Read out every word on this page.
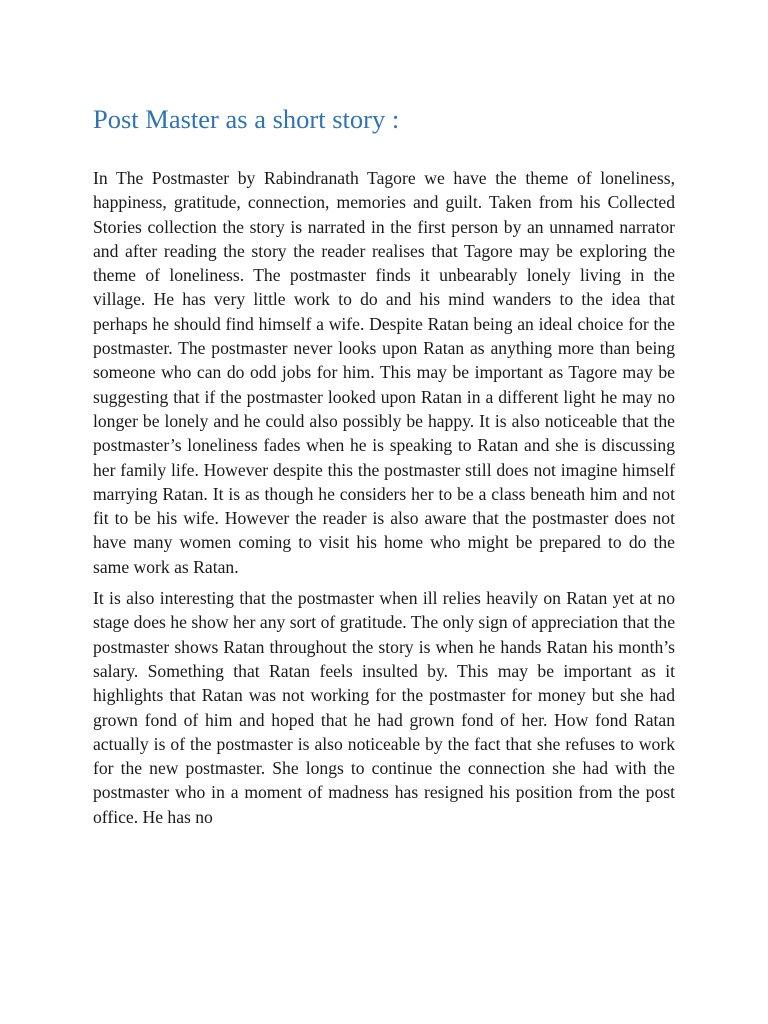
Post Master as a short story :

In The Postmaster by Rabindranath Tagore we have the theme of loneliness, happiness, gratitude, connection, memories and guilt. Taken from his Collected Stories collection the story is narrated in the first person by an unnamed narrator and after reading the story the reader realises that Tagore may be exploring the theme of loneliness. The postmaster finds it unbearably lonely living in the village. He has very little work to do and his mind wanders to the idea that perhaps he should find himself a wife. Despite Ratan being an ideal choice for the postmaster. The postmaster never looks upon Ratan as anything more than being someone who can do odd jobs for him. This may be important as Tagore may be suggesting that if the postmaster looked upon Ratan in a different light he may no longer be lonely and he could also possibly be happy. It is also noticeable that the postmaster’s loneliness fades when he is speaking to Ratan and she is discussing her family life. However despite this the postmaster still does not imagine himself marrying Ratan. It is as though he considers her to be a class beneath him and not fit to be his wife. However the reader is also aware that the postmaster does not have many women coming to visit his home who might be prepared to do the same work as Ratan.

It is also interesting that the postmaster when ill relies heavily on Ratan yet at no stage does he show her any sort of gratitude. The only sign of appreciation that the postmaster shows Ratan throughout the story is when he hands Ratan his month’s salary. Something that Ratan feels insulted by. This may be important as it highlights that Ratan was not working for the postmaster for money but she had grown fond of him and hoped that he had grown fond of her. How fond Ratan actually is of the postmaster is also noticeable by the fact that she refuses to work for the new postmaster. She longs to continue the connection she had with the postmaster who in a moment of madness has resigned his position from the post office. He has no
